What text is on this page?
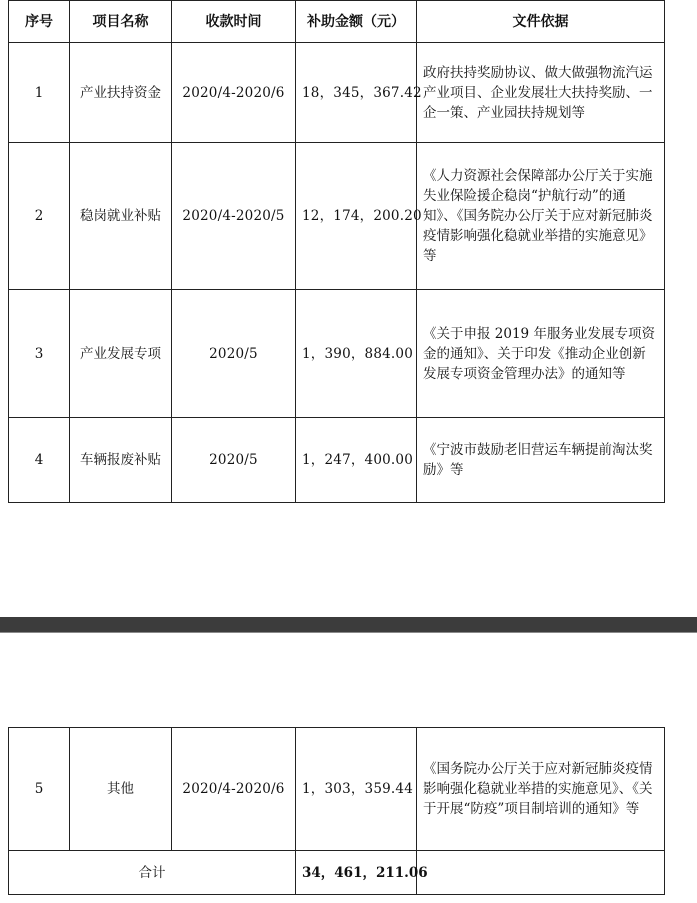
序号	项目名称	收款时间	补助金额（元）	文件依据
1	产业扶持资金	2020/4-2020/6	18，345，367.42	政府扶持奖励协议、做大做强物流汽运产业项目、企业发展壮大扶持奖励、一企一策、产业园扶持规划等
2	稳岗就业补贴	2020/4-2020/5	12，174，200.20	《人力资源社会保障部办公厅关于实施失业保险援企稳岗“护航行动”的通知》、《国务院办公厅关于应对新冠肺炎疫情影响强化稳就业举措的实施意见》等
3	产业发展专项	2020/5	1，390，884.00	《关于申报 2019 年服务业发展专项资金的通知》、关于印发《推动企业创新发展专项资金管理办法》的通知等
4	车辆报废补贴	2020/5	1，247，400.00	《宁波市鼓励老旧营运车辆提前淘汰奖励》等
5	其他	2020/4-2020/6	1，303，359.44	《国务院办公厅关于应对新冠肺炎疫情影响强化稳就业举措的实施意见》、《关于开展“防疫”项目制培训的通知》等
合计			34，461，211.06	
